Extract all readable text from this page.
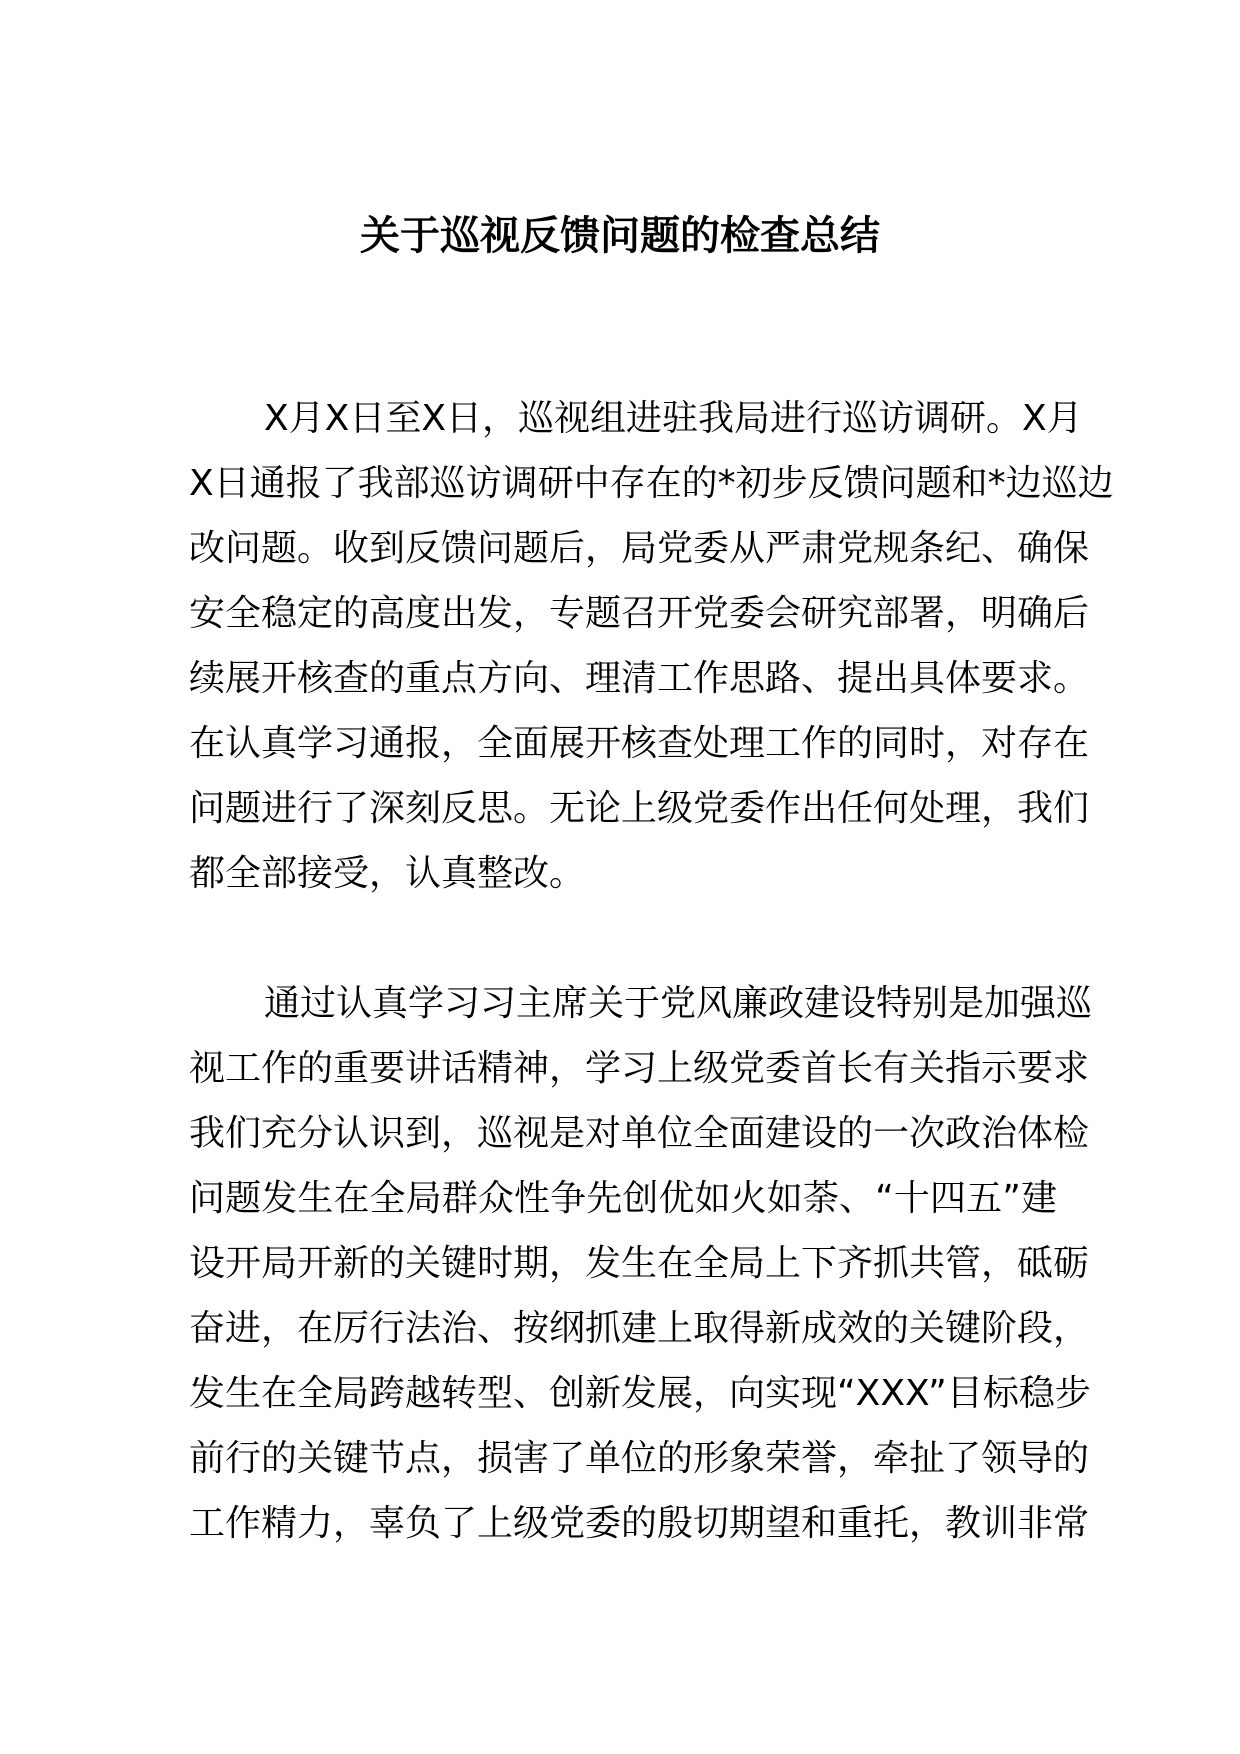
关于巡视反馈问题的检查总结
X月X日至X日，巡视组进驻我局进行巡访调研。X月
X日通报了我部巡访调研中存在的*初步反馈问题和*边巡边
改问题。收到反馈问题后，局党委从严肃党规条纪、确保
安全稳定的高度出发，专题召开党委会研究部署，明确后
续展开核查的重点方向、理清工作思路、提出具体要求。
在认真学习通报，全面展开核查处理工作的同时，对存在
问题进行了深刻反思。无论上级党委作出任何处理，我们
都全部接受，认真整改。
通过认真学习习主席关于党风廉政建设特别是加强巡
视工作的重要讲话精神，学习上级党委首长有关指示要求
我们充分认识到，巡视是对单位全面建设的一次政治体检
问题发生在全局群众性争先创优如火如荼、“十四五”建
设开局开新的关键时期，发生在全局上下齐抓共管，砥砺
奋进，在厉行法治、按纲抓建上取得新成效的关键阶段，
发生在全局跨越转型、创新发展，向实现“XXX”目标稳步
前行的关键节点，损害了单位的形象荣誉，牵扯了领导的
工作精力，辜负了上级党委的殷切期望和重托，教训非常
